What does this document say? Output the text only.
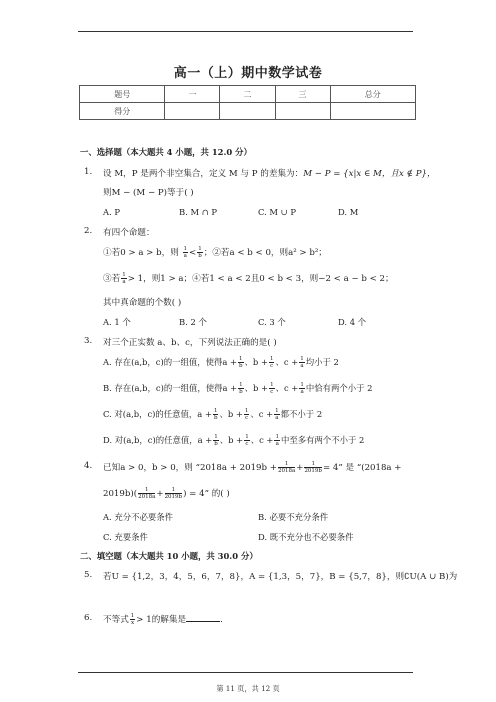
高一（上）期中数学试卷
题号	一	二	三	总分
得分				
一、选择题（本大题共 4 小题，共 12.0 分）
1. 设 M，P 是两个非空集合，定义 M 与 P 的差集为：M − P = {x|x ∈ M，且x ∉ P}，
则M − (M − P)等于( )
A. P	B. M ∩ P	C. M ∪ P	D. M
2. 有四个命题：
①若0 > a > b，则 $\frac{1}{a} < \frac{1}{b}$ ；②若a < b < 0，则a² > b²；
③若 $\frac{1}{a} > 1$，则1 > a；④若1 < a < 2且0 < b < 3，则−2 < a − b < 2；
其中真命题的个数( )
A. 1 个	B. 2 个	C. 3 个	D. 4 个
3. 对三个正实数 a、b、c，下列说法正确的是( )
A. 存在(a,b，c)的一组值，使得$a + \frac{1}{b}$ 、$b + \frac{1}{c}$ 、$c + \frac{1}{a}$ 均小于 2
B. 存在(a,b，c)的一组值，使得$a + \frac{1}{b}$ 、$b + \frac{1}{c}$ 、$c + \frac{1}{a}$ 中恰有两个小于 2
C. 对(a,b，c)的任意值，$a + \frac{1}{b}$ 、$b + \frac{1}{c}$ 、$c + \frac{1}{a}$ 都不小于 2
D. 对(a,b，c)的任意值，$a + \frac{1}{b}$ 、$b + \frac{1}{c}$ 、$c + \frac{1}{a}$ 中至多有两个不小于 2
4. 已知a > 0，b > 0，则 “$2018a + 2019b + \frac{1}{2018a} + \frac{1}{2019b} = 4$” 是 “(2018a +
$2019b)( \frac{1}{2018a} + \frac{1}{2019b}$ ) = 4” 的( )
A. 充分不必要条件	B. 必要不充分条件
C. 充要条件	D. 既不充分也不必要条件
二、填空题（本大题共 10 小题，共 30.0 分）
5. 若U = {1,2，3，4，5，6，7，8}，A = {1,3，5，7}，B = {5,7，8}，则∁U(A ∪ B)为
6. 不等式 $\frac{1}{x} > 1$的解集是	.
第 11 页，共 12 页
